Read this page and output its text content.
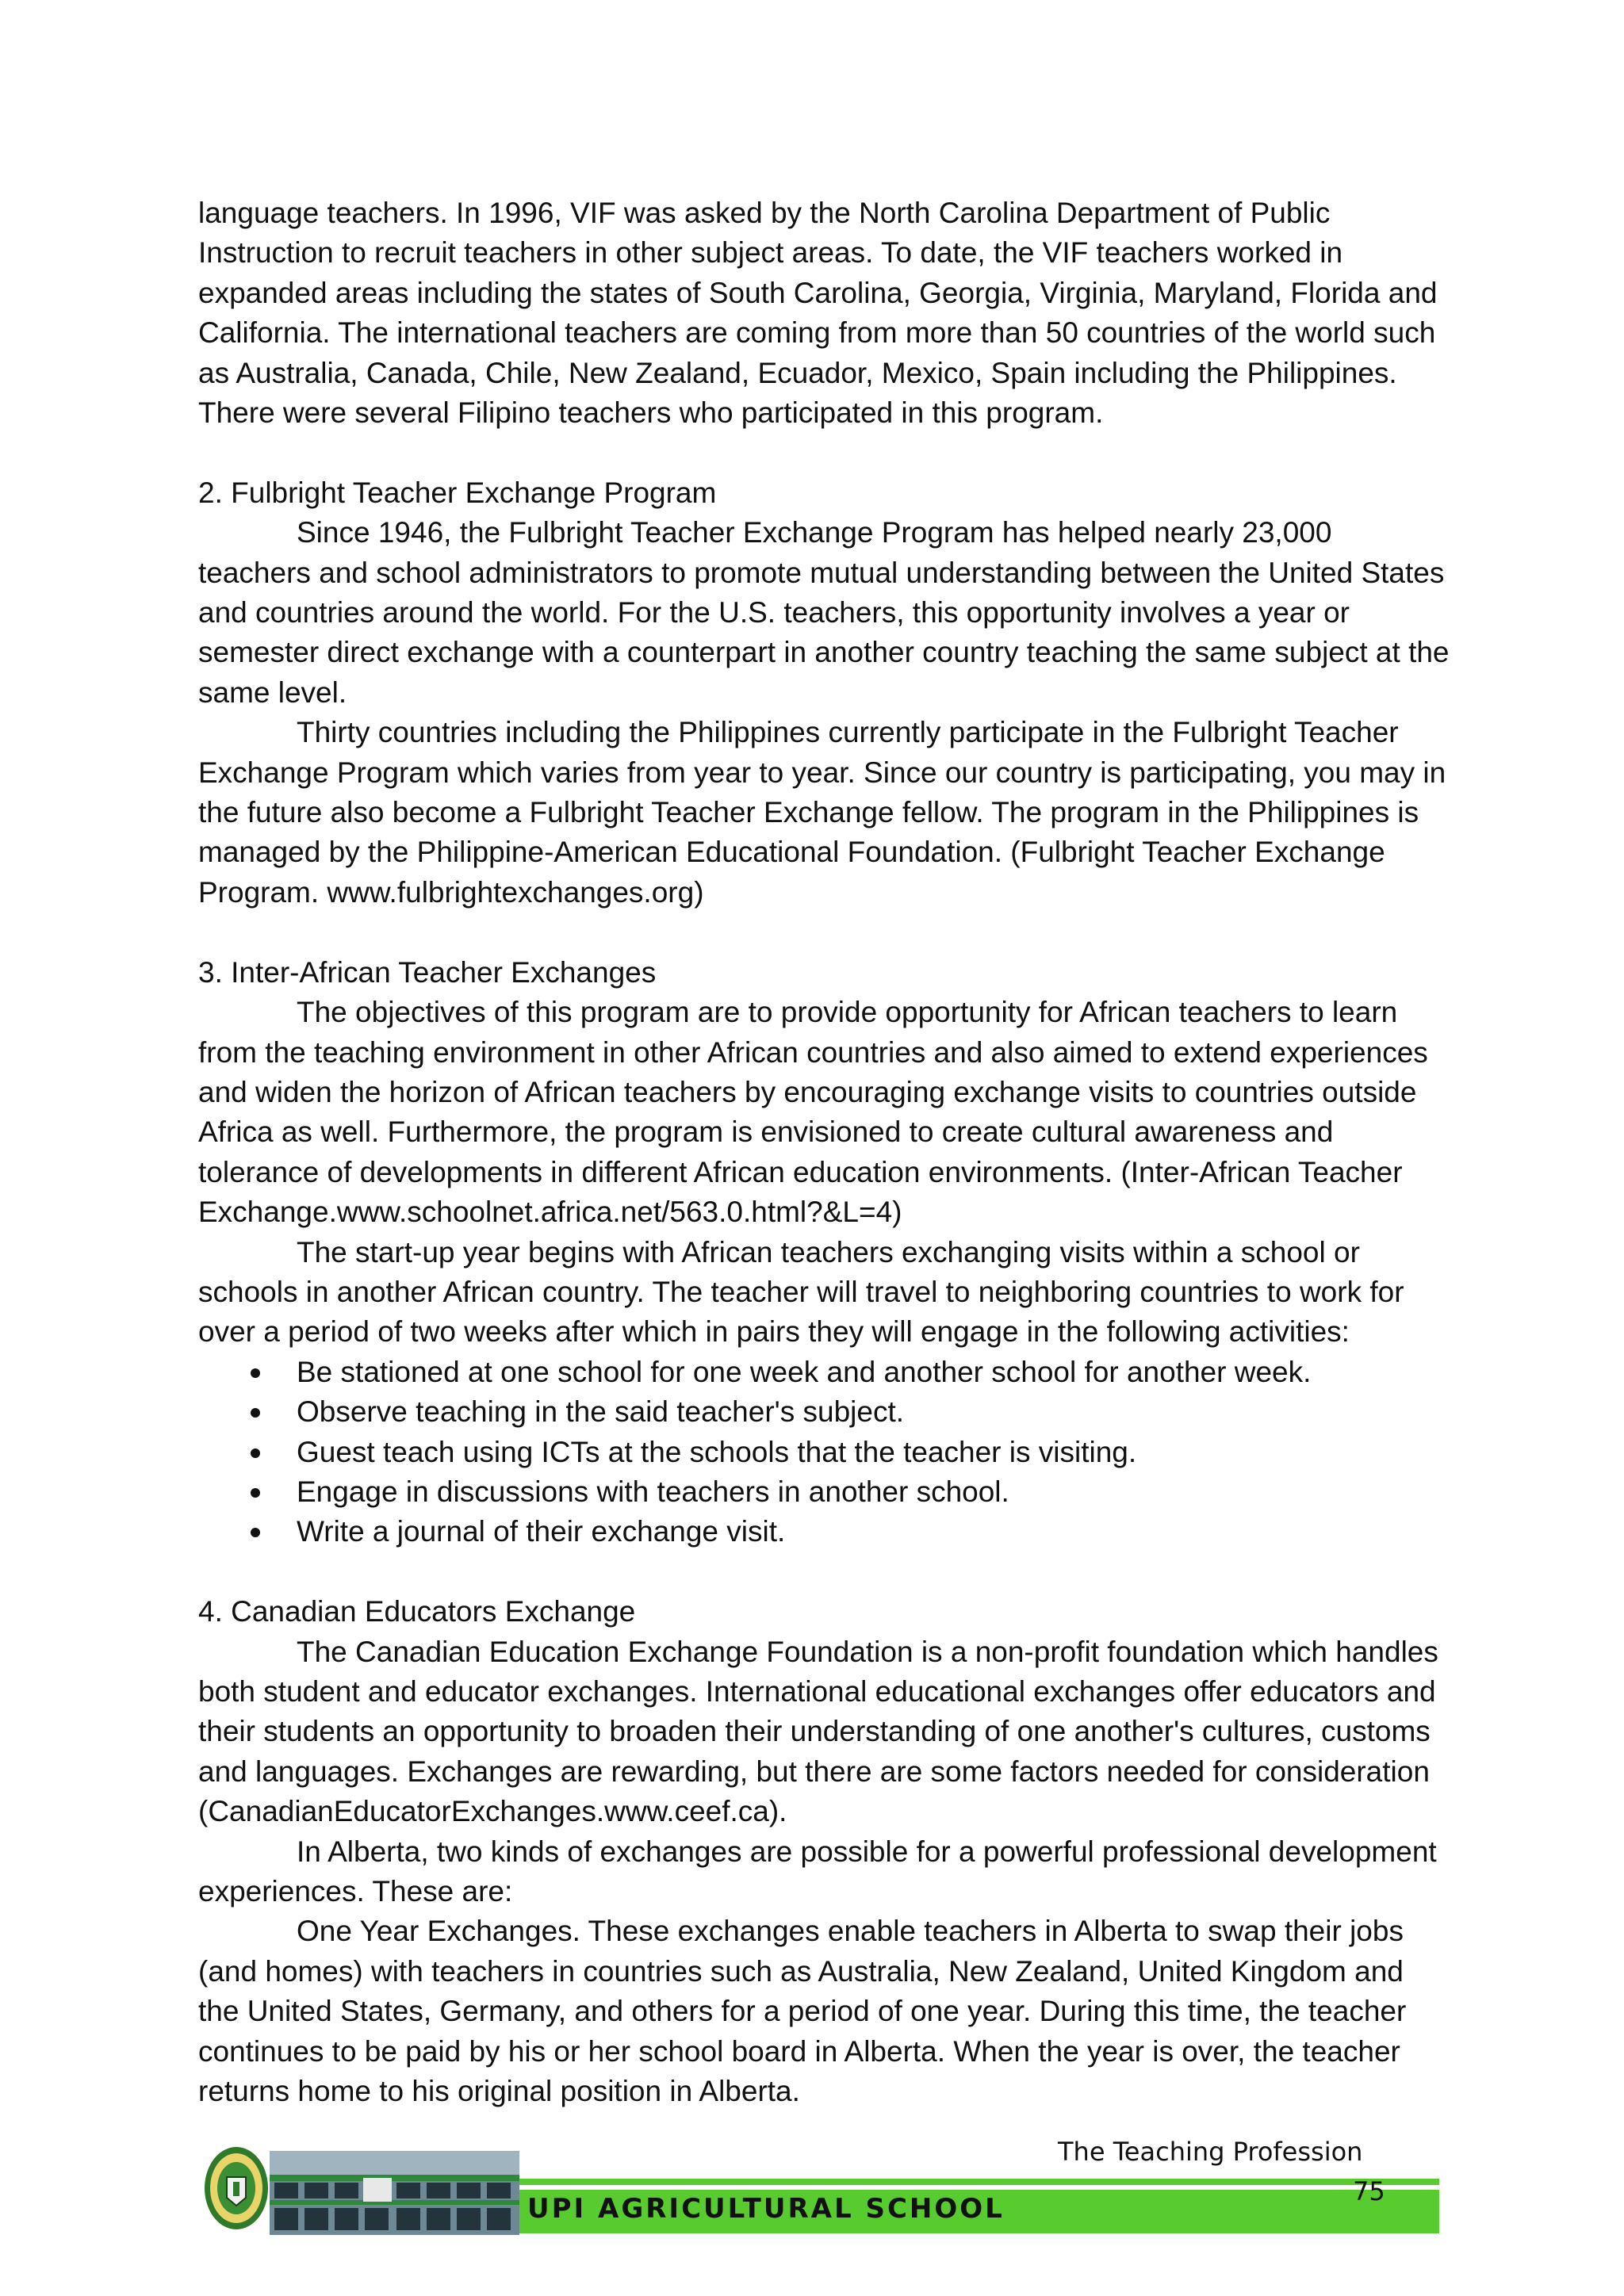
language teachers. In 1996, VIF was asked by the North Carolina Department of Public Instruction to recruit teachers in other subject areas. To date, the VIF teachers worked in expanded areas including the states of South Carolina, Georgia, Virginia, Maryland, Florida and California. The international teachers are coming from more than 50 countries of the world such as Australia, Canada, Chile, New Zealand, Ecuador, Mexico, Spain including the Philippines. There were several Filipino teachers who participated in this program.

2. Fulbright Teacher Exchange Program

Since 1946, the Fulbright Teacher Exchange Program has helped nearly 23,000 teachers and school administrators to promote mutual understanding between the United States and countries around the world. For the U.S. teachers, this opportunity involves a year or semester direct exchange with a counterpart in another country teaching the same subject at the same level.

Thirty countries including the Philippines currently participate in the Fulbright Teacher Exchange Program which varies from year to year. Since our country is participating, you may in the future also become a Fulbright Teacher Exchange fellow. The program in the Philippines is managed by the Philippine-American Educational Foundation. (Fulbright Teacher Exchange Program. www.fulbrightexchanges.org)

3. Inter-African Teacher Exchanges

The objectives of this program are to provide opportunity for African teachers to learn from the teaching environment in other African countries and also aimed to extend experiences and widen the horizon of African teachers by encouraging exchange visits to countries outside Africa as well. Furthermore, the program is envisioned to create cultural awareness and tolerance of developments in different African education environments. (Inter-African Teacher Exchange.www.schoolnet.africa.net/563.0.html?&L=4)

The start-up year begins with African teachers exchanging visits within a school or schools in another African country. The teacher will travel to neighboring countries to work for over a period of two weeks after which in pairs they will engage in the following activities:

Be stationed at one school for one week and another school for another week.
Observe teaching in the said teacher's subject.
Guest teach using ICTs at the schools that the teacher is visiting.
Engage in discussions with teachers in another school.
Write a journal of their exchange visit.

4. Canadian Educators Exchange

The Canadian Education Exchange Foundation is a non-profit foundation which handles both student and educator exchanges. International educational exchanges offer educators and their students an opportunity to broaden their understanding of one another's cultures, customs and languages. Exchanges are rewarding, but there are some factors needed for consideration (CanadianEducatorExchanges.www.ceef.ca).

In Alberta, two kinds of exchanges are possible for a powerful professional development experiences. These are:

One Year Exchanges. These exchanges enable teachers in Alberta to swap their jobs (and homes) with teachers in countries such as Australia, New Zealand, United Kingdom and the United States, Germany, and others for a period of one year. During this time, the teacher continues to be paid by his or her school board in Alberta. When the year is over, the teacher returns home to his original position in Alberta.

The Teaching Profession
UPI AGRICULTURAL SCHOOL
75
